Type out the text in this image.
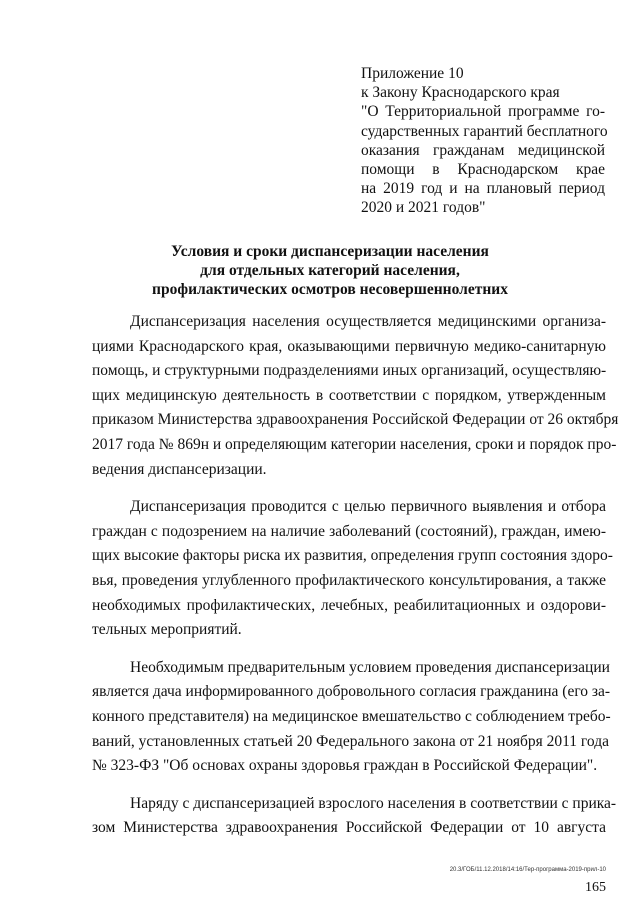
Приложение 10
к Закону Краснодарского края
"О Территориальной программе го-
сударственных гарантий бесплатного
оказания гражданам медицинской
помощи в Краснодарском крае
на 2019 год и на плановый период
2020 и 2021 годов"
Условия и сроки диспансеризации населения
для отдельных категорий населения,
профилактических осмотров несовершеннолетних
Диспансеризация населения осуществляется медицинскими организа-
циями Краснодарского края, оказывающими первичную медико-санитарную
помощь, и структурными подразделениями иных организаций, осуществляю-
щих медицинскую деятельность в соответствии с порядком, утвержденным
приказом Министерства здравоохранения Российской Федерации от 26 октября
2017 года № 869н и определяющим категории населения, сроки и порядок про-
ведения диспансеризации.
Диспансеризация проводится с целью первичного выявления и отбора
граждан с подозрением на наличие заболеваний (состояний), граждан, имею-
щих высокие факторы риска их развития, определения групп состояния здоро-
вья, проведения углубленного профилактического консультирования, а также
необходимых профилактических, лечебных, реабилитационных и оздорови-
тельных мероприятий.
Необходимым предварительным условием проведения диспансеризации
является дача информированного добровольного согласия гражданина (его за-
конного представителя) на медицинское вмешательство с соблюдением требо-
ваний, установленных статьей 20 Федерального закона от 21 ноября 2011 года
№ 323-ФЗ "Об основах охраны здоровья граждан в Российской Федерации".
Наряду с диспансеризацией взрослого населения в соответствии с прика-
зом Министерства здравоохранения Российской Федерации от 10 августа
20.3/ГОБ/11.12.2018/14:16/Тер-программа-2019-прил-10
165
